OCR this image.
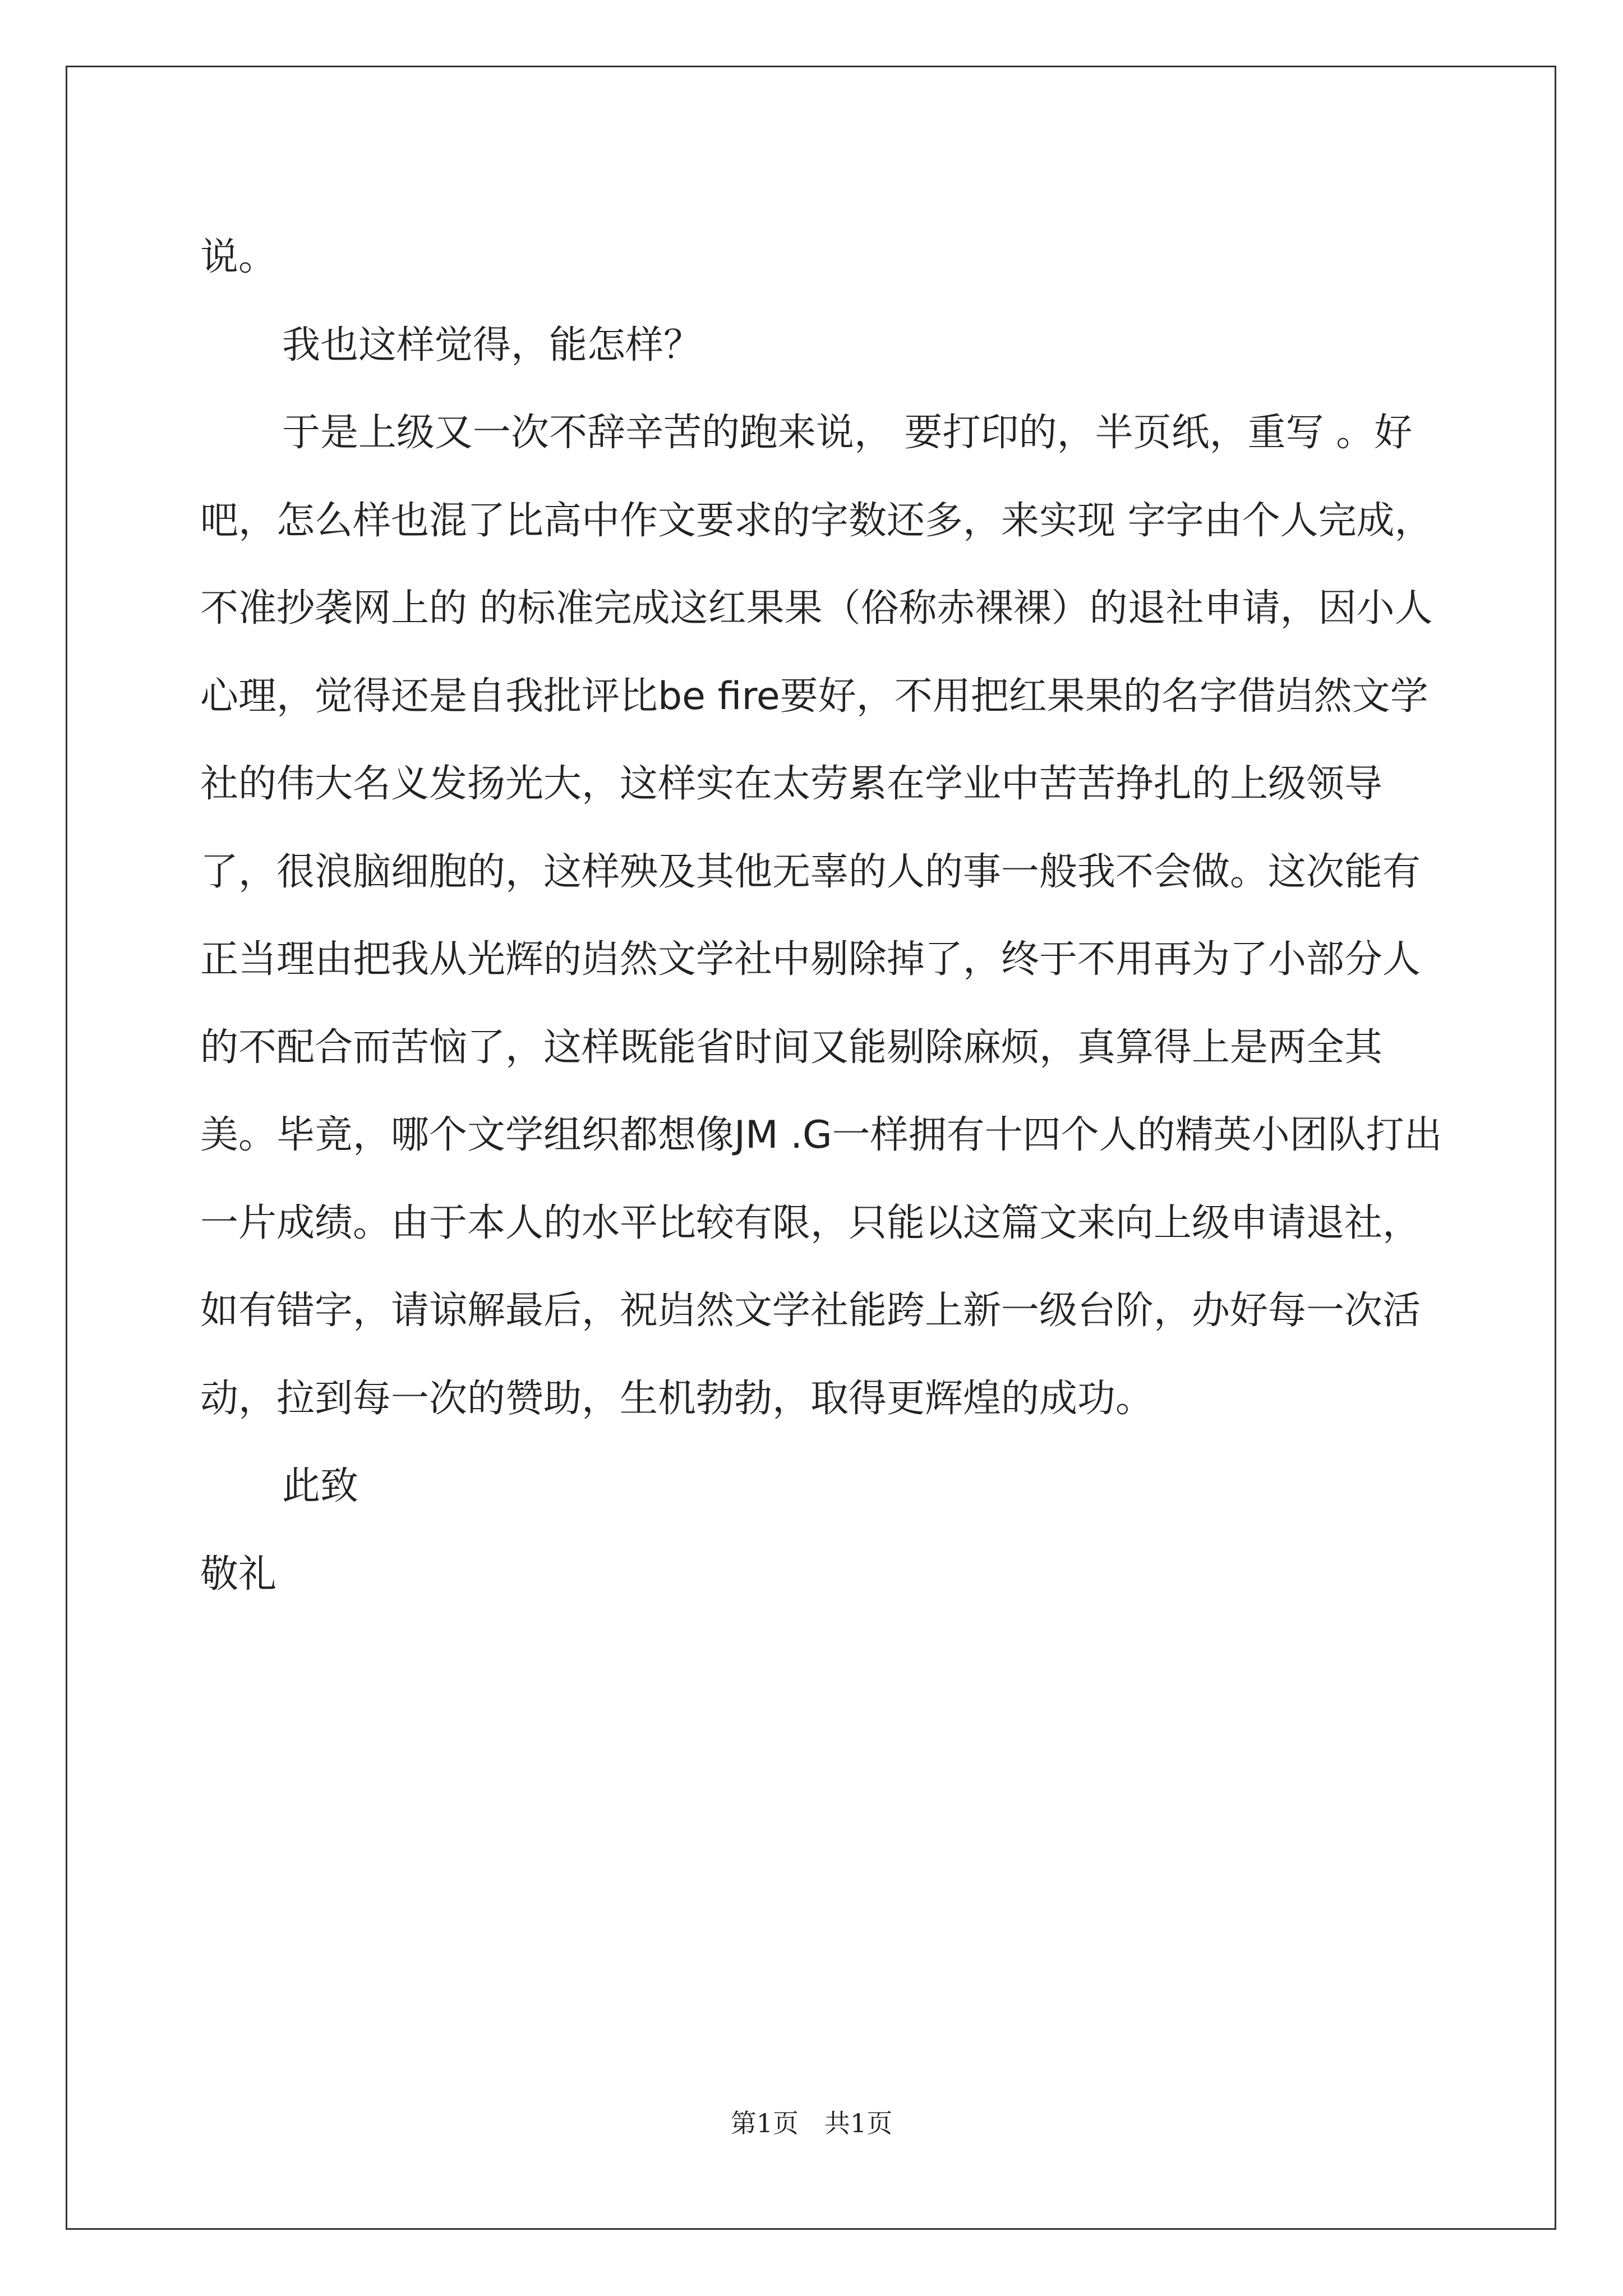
说。

我也这样觉得，能怎样？

于是上级又一次不辞辛苦的跑来说， 要打印的，半页纸，重写 。好吧，怎么样也混了比高中作文要求的字数还多，来实现 字字由个人完成，不准抄袭网上的 的标准完成这红果果（俗称赤裸裸）的退社申请，因小人心理，觉得还是自我批评比be fire要好，不用把红果果的名字借岿然文学社的伟大名义发扬光大，这样实在太劳累在学业中苦苦挣扎的上级领导了，很浪脑细胞的，这样殃及其他无辜的人的事一般我不会做。这次能有正当理由把我从光辉的岿然文学社中剔除掉了，终于不用再为了小部分人的不配合而苦恼了，这样既能省时间又能剔除麻烦，真算得上是两全其美。毕竟，哪个文学组织都想像JM .G一样拥有十四个人的精英小团队打出一片成绩。由于本人的水平比较有限，只能以这篇文来向上级申请退社，如有错字，请谅解最后，祝岿然文学社能跨上新一级台阶，办好每一次活动，拉到每一次的赞助，生机勃勃，取得更辉煌的成功。

此致

敬礼

第1页　共1页
